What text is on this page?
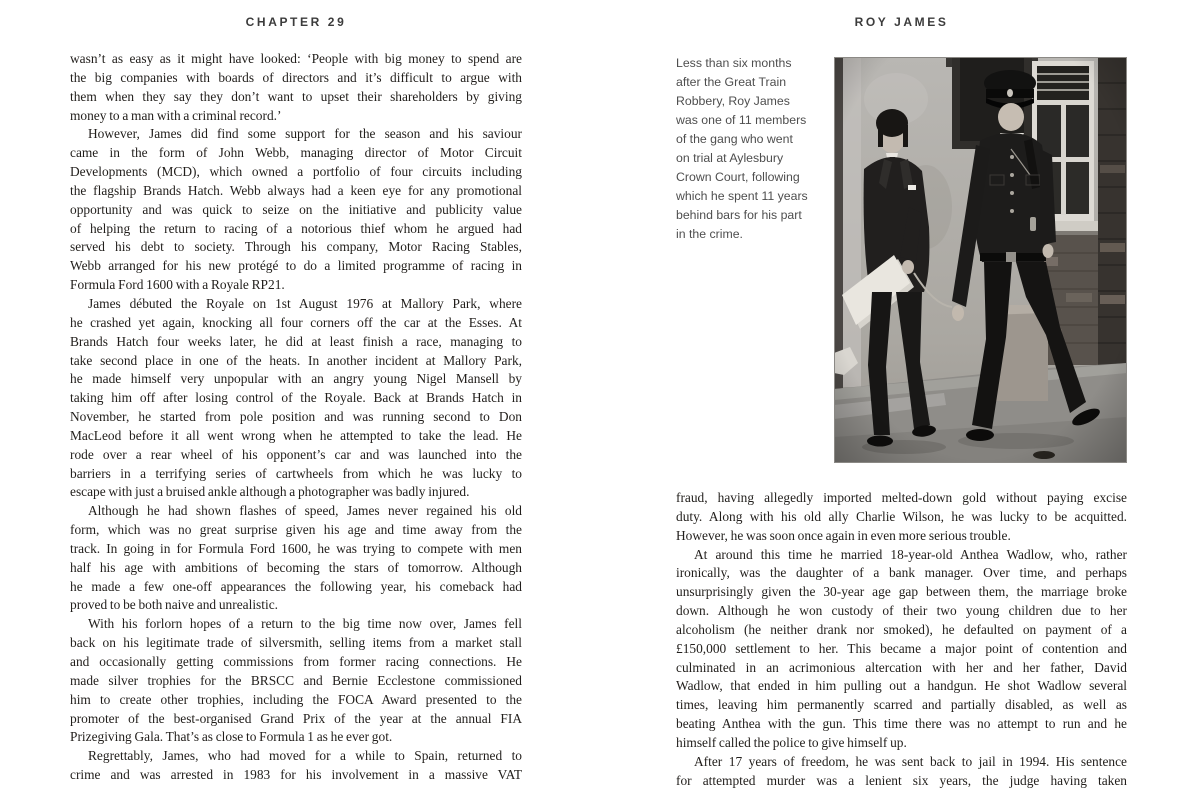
CHAPTER 29	ROY JAMES
wasn’t as easy as it might have looked: ‘People with big money to spend are
the big companies with boards of directors and it’s difficult to argue with
them when they say they don’t want to upset their shareholders by giving
money to a man with a criminal record.’
However, James did find some support for the season and his saviour
came in the form of John Webb, managing director of Motor Circuit
Developments (MCD), which owned a portfolio of four circuits including
the flagship Brands Hatch. Webb always had a keen eye for any promotional
opportunity and was quick to seize on the initiative and publicity value
of helping the return to racing of a notorious thief whom he argued had
served his debt to society. Through his company, Motor Racing Stables,
Webb arranged for his new protégé to do a limited programme of racing in
Formula Ford 1600 with a Royale RP21.
James débuted the Royale on 1st August 1976 at Mallory Park, where
he crashed yet again, knocking all four corners off the car at the Esses. At
Brands Hatch four weeks later, he did at least finish a race, managing to
take second place in one of the heats. In another incident at Mallory Park,
he made himself very unpopular with an angry young Nigel Mansell by
taking him off after losing control of the Royale. Back at Brands Hatch in
November, he started from pole position and was running second to Don
MacLeod before it all went wrong when he attempted to take the lead. He
rode over a rear wheel of his opponent’s car and was launched into the
barriers in a terrifying series of cartwheels from which he was lucky to
escape with just a bruised ankle although a photographer was badly injured.
Although he had shown flashes of speed, James never regained his old
form, which was no great surprise given his age and time away from the
track. In going in for Formula Ford 1600, he was trying to compete with men
half his age with ambitions of becoming the stars of tomorrow. Although
he made a few one-off appearances the following year, his comeback had
proved to be both naive and unrealistic.
With his forlorn hopes of a return to the big time now over, James fell
back on his legitimate trade of silversmith, selling items from a market stall
and occasionally getting commissions from former racing connections. He
made silver trophies for the BRSCC and Bernie Ecclestone commissioned
him to create other trophies, including the FOCA Award presented to the
promoter of the best-organised Grand Prix of the year at the annual FIA
Prizegiving Gala. That’s as close to Formula 1 as he ever got.
Regrettably, James, who had moved for a while to Spain, returned to
crime and was arrested in 1983 for his involvement in a massive VAT
Less than six months
after the Great Train
Robbery, Roy James
was one of 11 members
of the gang who went
on trial at Aylesbury
Crown Court, following
which he spent 11 years
behind bars for his part
in the crime.
fraud, having allegedly imported melted-down gold without paying excise
duty. Along with his old ally Charlie Wilson, he was lucky to be acquitted.
However, he was soon once again in even more serious trouble.
At around this time he married 18-year-old Anthea Wadlow, who, rather
ironically, was the daughter of a bank manager. Over time, and perhaps
unsurprisingly given the 30-year age gap between them, the marriage broke
down. Although he won custody of their two young children due to her
alcoholism (he neither drank nor smoked), he defaulted on payment of a
£150,000 settlement to her. This became a major point of contention and
culminated in an acrimonious altercation with her and her father, David
Wadlow, that ended in him pulling out a handgun. He shot Wadlow several
times, leaving him permanently scarred and partially disabled, as well as
beating Anthea with the gun. This time there was no attempt to run and he
himself called the police to give himself up.
After 17 years of freedom, he was sent back to jail in 1994. His sentence
for attempted murder was a lenient six years, the judge having taken
